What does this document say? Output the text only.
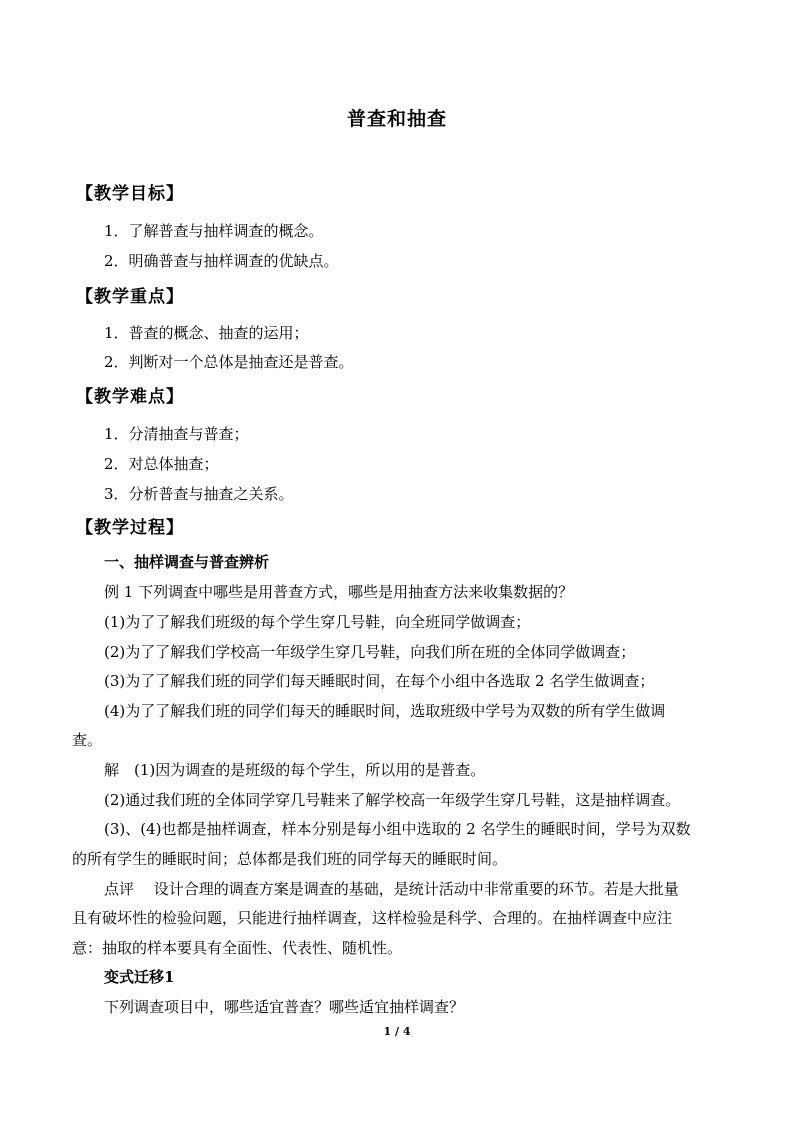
普查和抽查
【教学目标】
1．了解普查与抽样调查的概念。
2．明确普查与抽样调查的优缺点。
【教学重点】
1．普查的概念、抽查的运用；
2．判断对一个总体是抽查还是普查。
【教学难点】
1．分清抽查与普查；
2．对总体抽查；
3．分析普查与抽查之关系。
【教学过程】
一、抽样调查与普查辨析
例 1 下列调查中哪些是用普查方式，哪些是用抽查方法来收集数据的？
(1)为了了解我们班级的每个学生穿几号鞋，向全班同学做调查；
(2)为了了解我们学校高一年级学生穿几号鞋，向我们所在班的全体同学做调查；
(3)为了了解我们班的同学们每天睡眠时间，在每个小组中各选取 2 名学生做调查；
(4)为了了解我们班的同学们每天的睡眠时间，选取班级中学号为双数的所有学生做调
查。
解　(1)因为调查的是班级的每个学生，所以用的是普查。
(2)通过我们班的全体同学穿几号鞋来了解学校高一年级学生穿几号鞋，这是抽样调查。
(3)、(4)也都是抽样调查，样本分别是每小组中选取的 2 名学生的睡眠时间，学号为双数
的所有学生的睡眠时间；总体都是我们班的同学每天的睡眠时间。
点评　 设计合理的调查方案是调查的基础，是统计活动中非常重要的环节。若是大批量
且有破坏性的检验问题，只能进行抽样调查，这样检验是科学、合理的。在抽样调查中应注
意：抽取的样本要具有全面性、代表性、随机性。
变式迁移1
下列调查项目中，哪些适宜普查？哪些适宜抽样调查？
1 / 4
